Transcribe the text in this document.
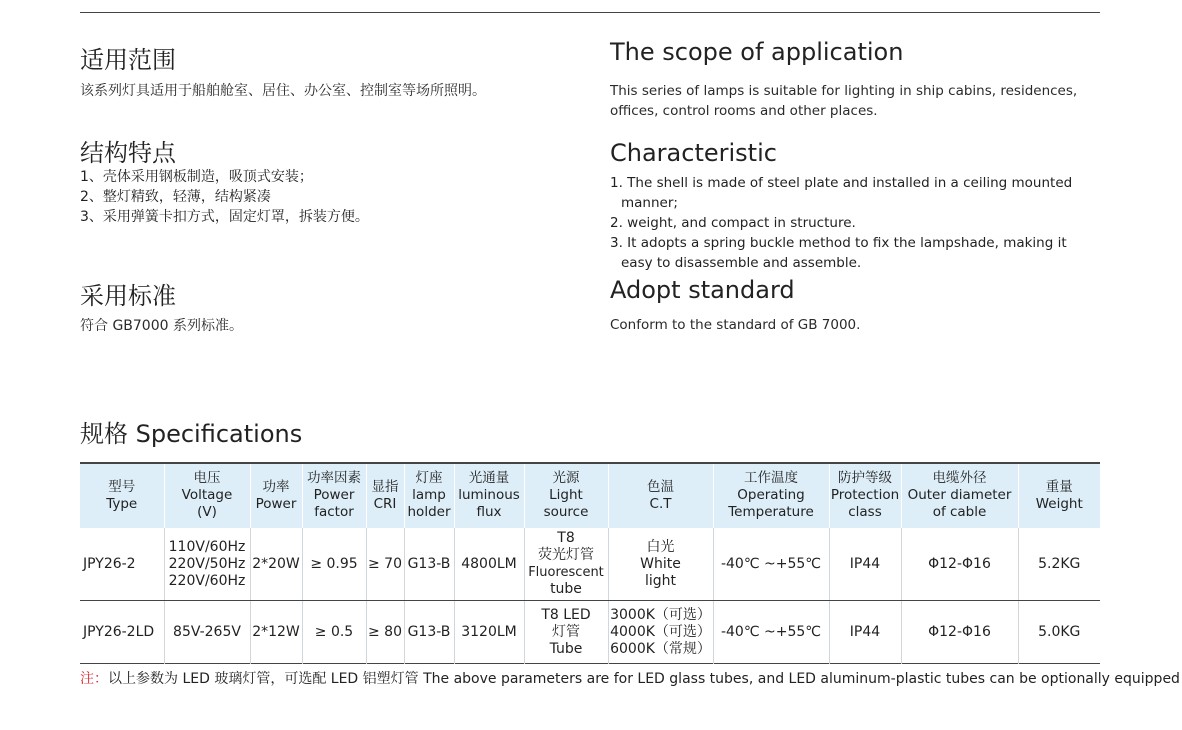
适用范围

该系列灯具适用于船舶舱室、居住、办公室、控制室等场所照明。

结构特点
1、壳体采用钢板制造，吸顶式安装；
2、整灯精致，轻薄，结构紧凑
3、采用弹簧卡扣方式，固定灯罩，拆装方便。
采用标准

符合 GB7000 系列标准。

The scope of application

This series of lamps is suitable for lighting in ship cabins, residences, offices, control rooms and other places.

Characteristic
1. The shell is made of steel plate and installed in a ceiling mounted manner;
2. weight, and compact in structure.
3. It adopts a spring buckle method to fix the lampshade, making it easy to disassemble and assemble.
Adopt standard

Conform to the standard of GB 7000.

规格 Specifications
型号
Type	电压
Voltage
(V)	功率
Power	功率因素
Power
factor	显指
CRI	灯座
lamp
holder	光通量
luminous
flux	光源
Light
source	色温
C.T	工作温度
Operating
Temperature	防护等级
Protection
class	电缆外径
Outer diameter
of cable	重量
Weight

JPY26-2	110V/60Hz
220V/50Hz
220V/60Hz	2*20W	≥ 0.95	≥ 70	G13-B	4800LM	T8
荧光灯管
Fluorescent
tube	白光
White
light	-40℃ ~+55℃	IP44	Φ12-Φ16	5.2KG
JPY26-2LD	85V-265V	2*12W	≥ 0.5	≥ 80	G13-B	3120LM	T8 LED
灯管
Tube	3000K（可选）
4000K（可选）
6000K（常规）	-40℃ ~+55℃	IP44	Φ12-Φ16	5.0KG
注：以上参数为 LED 玻璃灯管，可选配 LED 铝塑灯管 The above parameters are for LED glass tubes, and LED aluminum-plastic tubes can be optionally equipped
